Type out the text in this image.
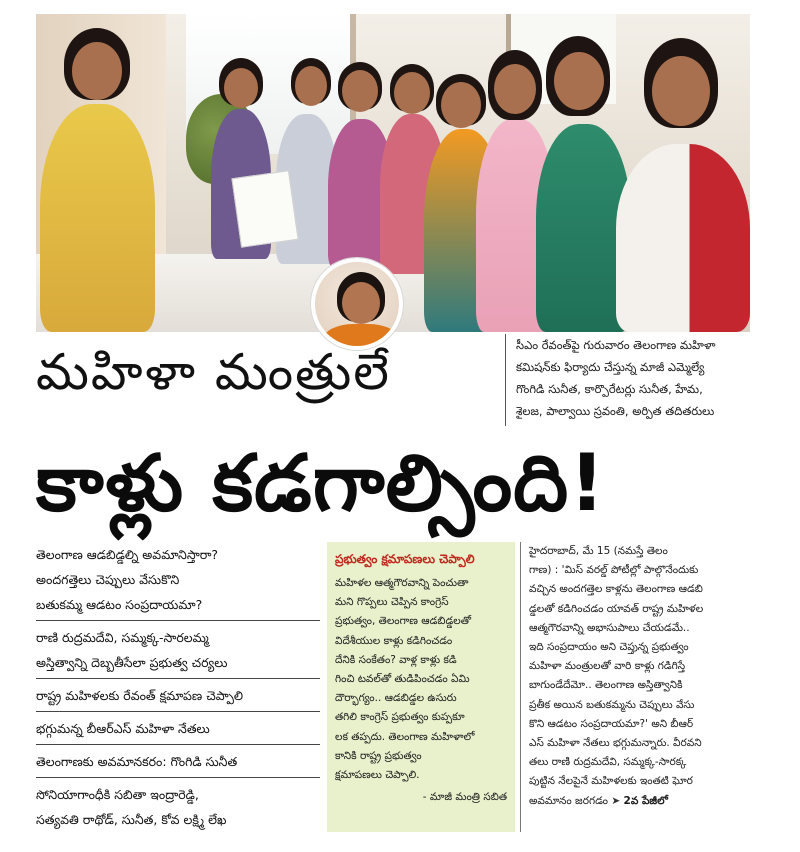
సీఎం రేవంత్‌పై గురువారం తెలంగాణ మహిళా
కమిషన్‌కు ఫిర్యాదు చేస్తున్న మాజీ ఎమ్మెల్యే
గొంగిడి సునీత, కార్పొరేటర్లు సునీత, హేమ,
శైలజ, పాల్వాయి స్రవంతి, అర్పిత తదితరులు
మహిళా మంత్రులే
కాళ్లు కడగాల్సింది!
తెలంగాణ ఆడబిడ్డల్ని అవమానిస్తారా?
అందగత్తెలు చెప్పులు వేసుకొని
బతుకమ్మ ఆడటం సంప్రదాయమా?
రాణి రుద్రమదేవి, సమ్మక్క-సారలమ్మ
అస్తిత్వాన్ని దెబ్బతీసేలా ప్రభుత్వ చర్యలు
రాష్ట్ర మహిళలకు రేవంత్ క్షమాపణ చెప్పాలి
భగ్గుమన్న బీఆర్‌ఎస్ మహిళా నేతలు
తెలంగాణకు అవమానకరం: గొంగిడి సునీత
సోనియాగాంధీకి సబితా ఇంద్రారెడ్డి,
సత్యవతి రాథోడ్, సునీత, కోవ లక్ష్మి లేఖ
ప్రభుత్వం క్షమాపణలు చెప్పాలి
మహిళల ఆత్మగౌరవాన్ని పెంచుతా
మని గొప్పలు చెప్పిన కాంగ్రెస్
ప్రభుత్వం, తెలంగాణ ఆడబిడ్డలతో
విదేశీయుల కాళ్లు కడిగించడం
దేనికి సంకేతం? వాళ్ల కాళ్లు కడి
గించి టవల్‌తో తుడిపించడం ఏమి
దౌర్భాగ్యం.. ఆడబిడ్డల ఉసురు
తగిలి కాంగ్రెస్ ప్రభుత్వం కుప్పకూ
లక తప్పదు. తెలంగాణ మహిళాలో
కానికి రాష్ట్ర ప్రభుత్వం
క్షమాపణలు చెప్పాలి.
- మాజీ మంత్రి సబిత
హైదరాబాద్, మే 15 (నమస్తే తెలం
గాణ) : 'మిస్ వరల్డ్ పోటీల్లో పాల్గొనేందుకు
వచ్చిన అందగత్తెల కాళ్లను తెలంగాణ ఆడబి
డ్డలతో కడిగించడం యావత్ రాష్ట్ర మహిళల
ఆత్మగౌరవాన్ని అభాసుపాలు చేయడమే..
ఇది సంప్రదాయం అని చెప్తున్న ప్రభుత్వం
మహిళా మంత్రులతో వారి కాళ్లు గడిగిస్తే
బాగుండేదేమో.. తెలంగాణ అస్తిత్వానికి
ప్రతీక అయిన బతుకమ్మను చెప్పులు వేసు
కొని ఆడటం సంప్రదాయమా?' అని బీఆర్
ఎస్ మహిళా నేతలు భగ్గుమన్నారు. వీరవని
తలు రాణి రుద్రమదేవి, సమ్మక్క-సారక్క
పుట్టిన నేలపైనే మహిళలకు ఇంతటి ఘోర
అవమానం జరగడం ➤ 2వ పేజీలో
